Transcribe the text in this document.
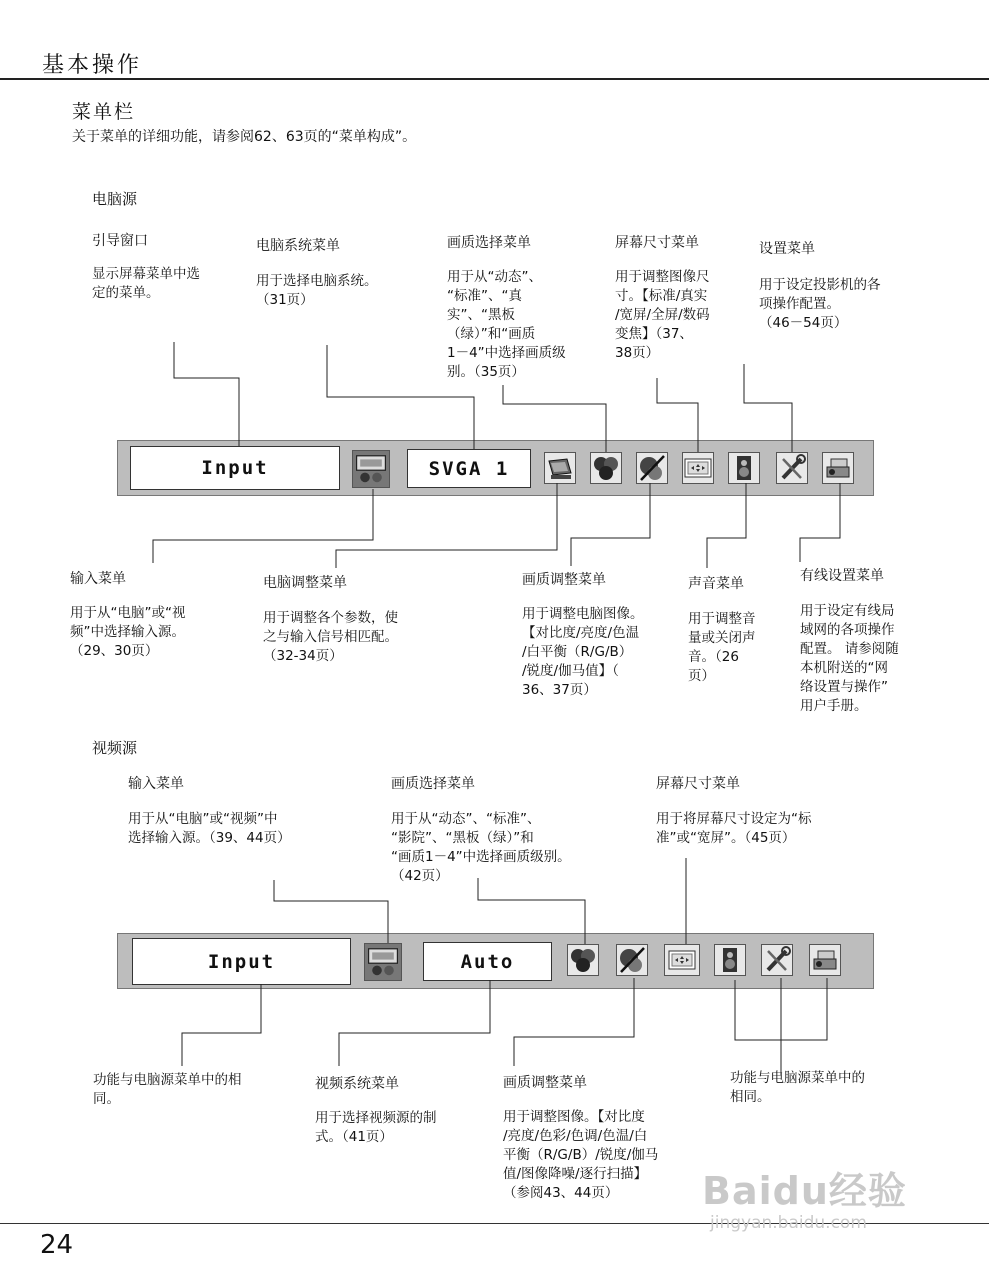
基本操作
菜单栏
关于菜单的详细功能，请参阅62、63页的“菜单构成”。
电脑源
引导窗口
显示屏幕菜单中选
定的菜单。
电脑系统菜单
用于选择电脑系统。
（31页）
画质选择菜单
用于从“动态”、
“标准”、“真
实”、“黑板
（绿）”和“画质
1－4”中选择画质级
别。（35页）
屏幕尺寸菜单
用于调整图像尺
寸。【标准/真实
/宽屏/全屏/数码
变焦】（37、
38页）
设置菜单
用于设定投影机的各
项操作配置。
（46－54页）
Input	SVGA 1
输入菜单
用于从“电脑”或“视
频”中选择输入源。
（29、30页）
电脑调整菜单
用于调整各个参数，使
之与输入信号相匹配。
（32-34页）
画质调整菜单
用于调整电脑图像。
【对比度/亮度/色温
/白平衡（R/G/B）
/锐度/伽马值】（
36、37页）
声音菜单
用于调整音
量或关闭声
音。（26
页）
有线设置菜单
用于设定有线局
域网的各项操作
配置。 请参阅随
本机附送的“网
络设置与操作”
用户手册。
视频源
输入菜单
用于从“电脑”或“视频”中
选择输入源。（39、44页）
画质选择菜单
用于从“动态”、“标准”、
“影院”、“黑板（绿）”和
“画质1－4”中选择画质级别。
（42页）
屏幕尺寸菜单
用于将屏幕尺寸设定为“标
准”或“宽屏”。（45页）
Input	Auto
功能与电脑源菜单中的相
同。
视频系统菜单
用于选择视频源的制
式。（41页）
画质调整菜单
用于调整图像。【对比度
/亮度/色彩/色调/色温/白
平衡（R/G/B）/锐度/伽马
值/图像降噪/逐行扫描】
（参阅43、44页）
功能与电脑源菜单中的
相同。
24
Baidu经验
jingyan.baidu.com
